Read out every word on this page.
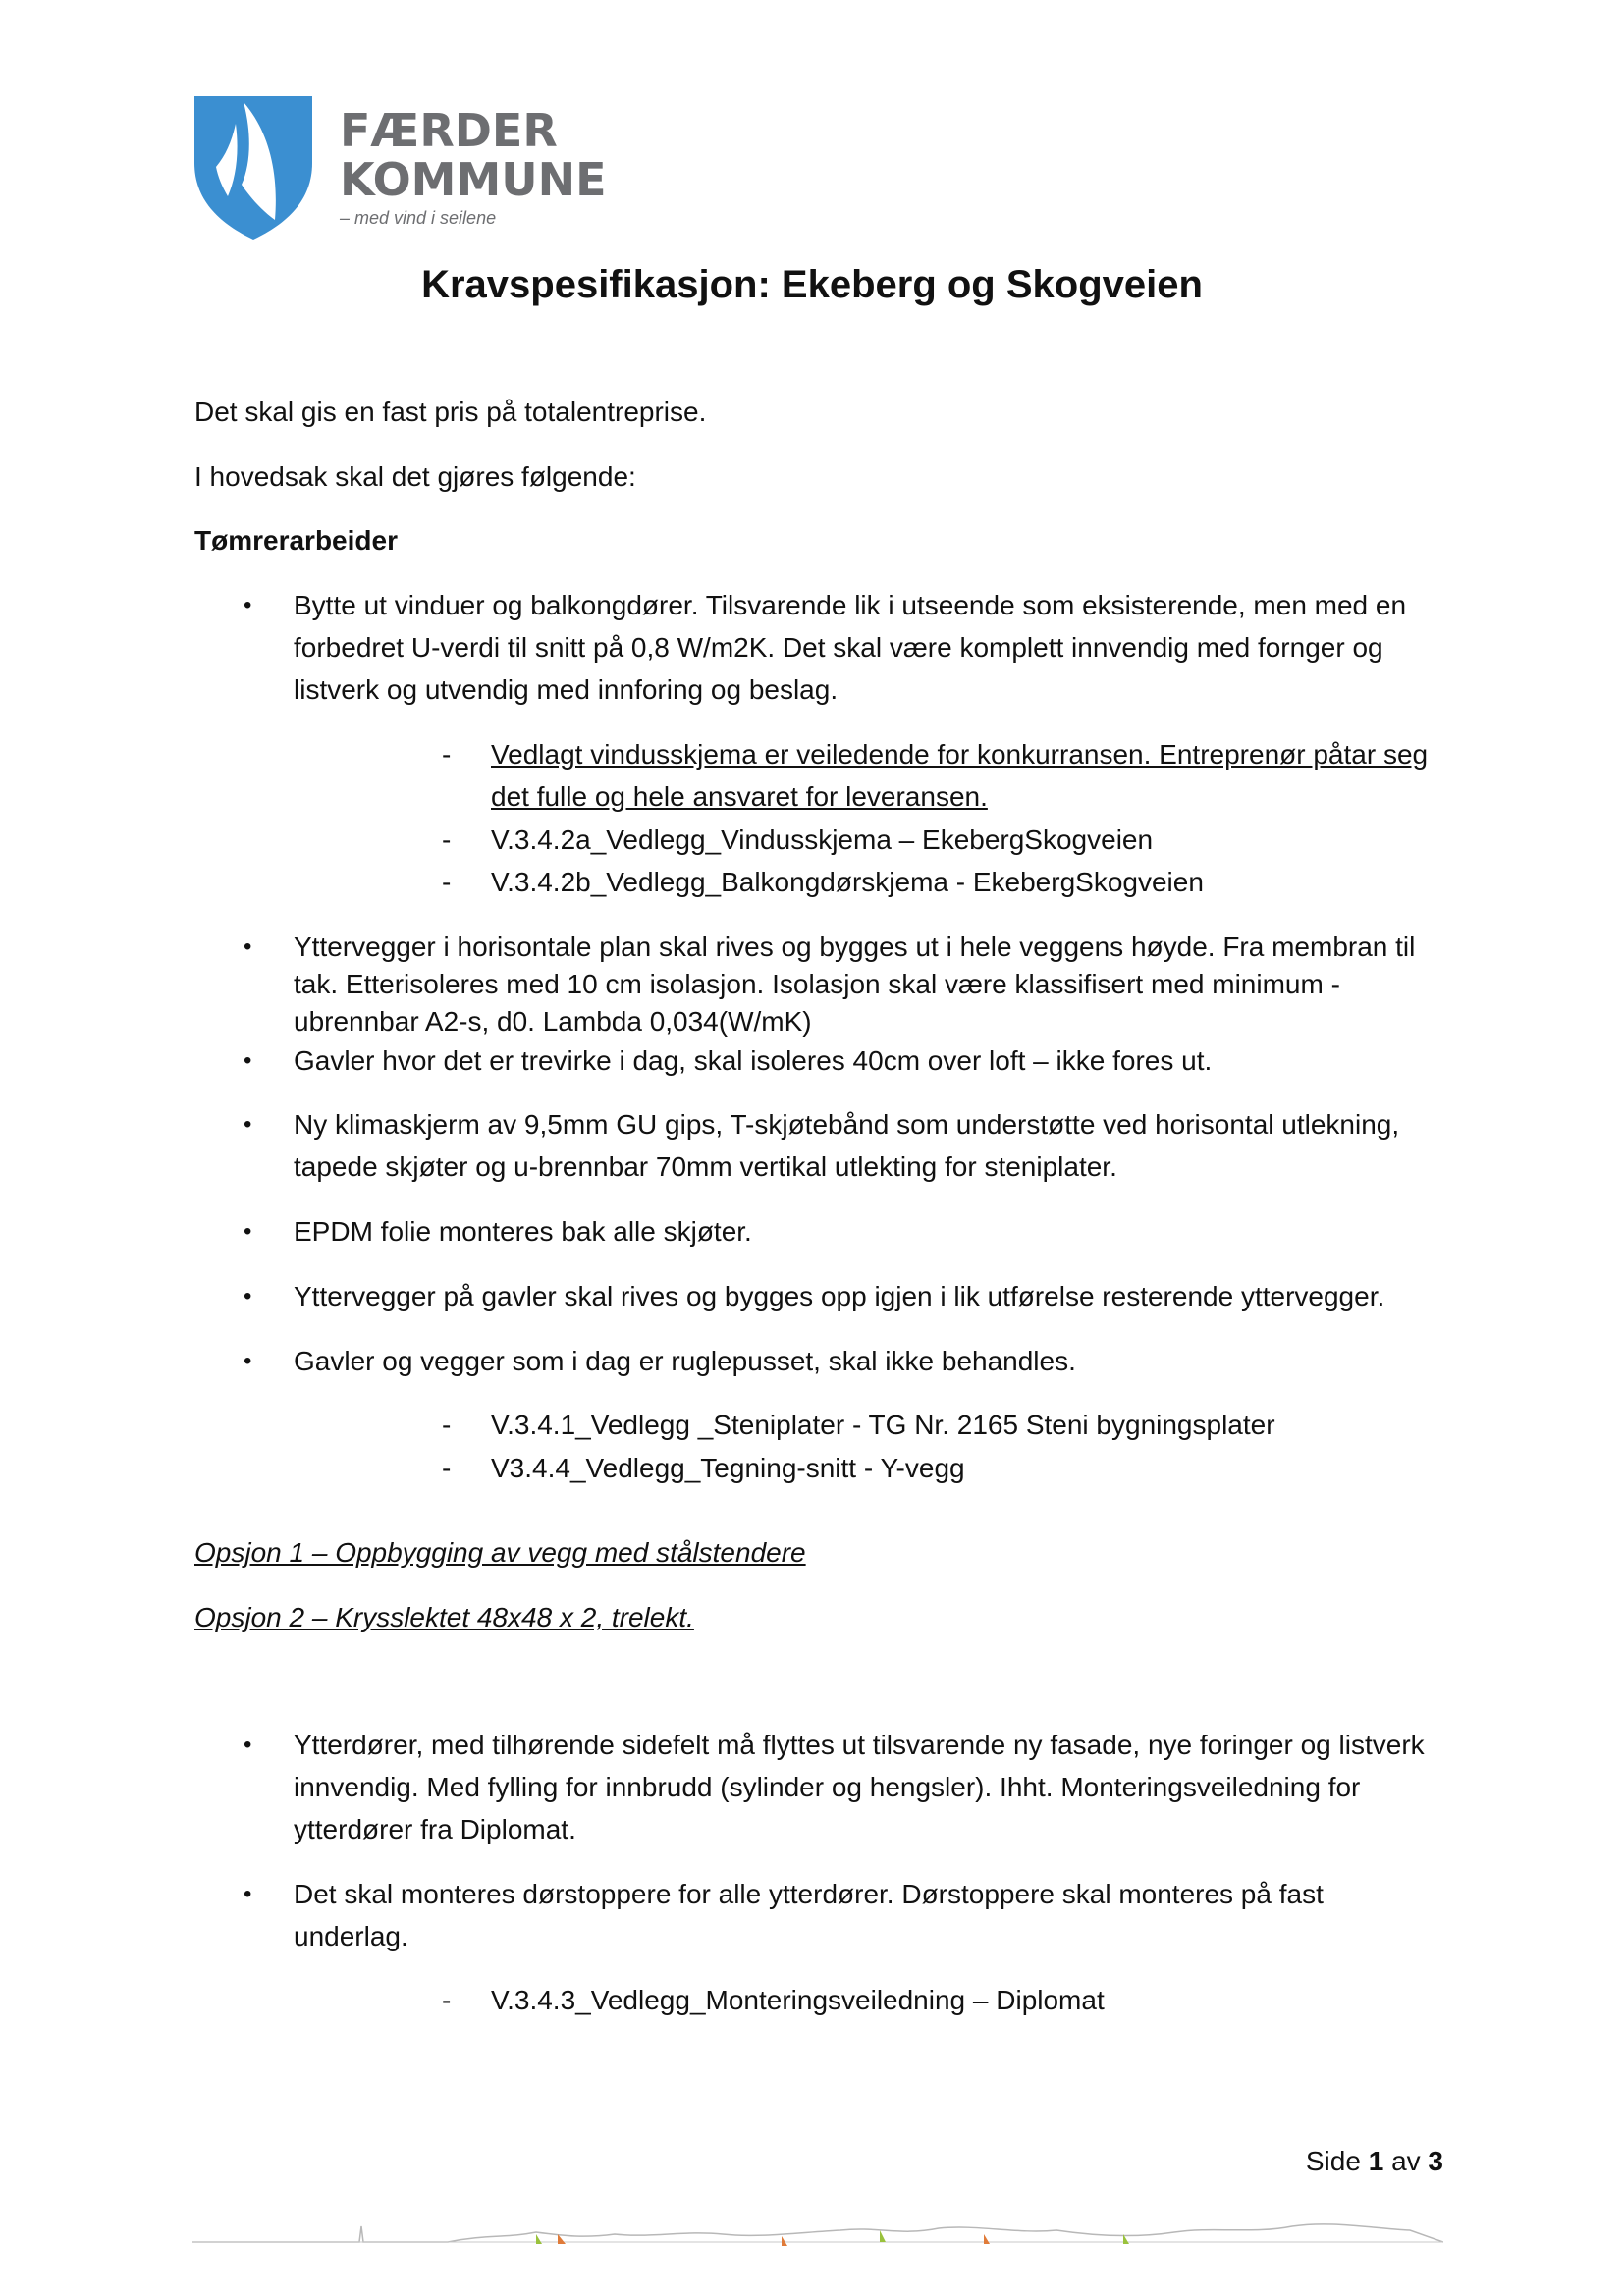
FÆRDER
KOMMUNE
– med vind i seilene
Kravspesifikasjon: Ekeberg og Skogveien
Det skal gis en fast pris på totalentreprise.
I hovedsak skal det gjøres følgende:
Tømrerarbeider
• Bytte ut vinduer og balkongdører. Tilsvarende lik i utseende som eksisterende, men med en forbedret U-verdi til snitt på 0,8 W/m2K. Det skal være komplett innvendig med fornger og listverk og utvendig med innforing og beslag.
- Vedlagt vindusskjema er veiledende for konkurransen. Entreprenør påtar seg det fulle og hele ansvaret for leveransen.
- V.3.4.2a_Vedlegg_Vindusskjema – EkebergSkogveien
- V.3.4.2b_Vedlegg_Balkongdørskjema - EkebergSkogveien
• Yttervegger i horisontale plan skal rives og bygges ut i hele veggens høyde. Fra membran til tak. Etterisoleres med 10 cm isolasjon. Isolasjon skal være klassifisert med minimum - ubrennbar A2-s, d0. Lambda 0,034(W/mK)
• Gavler hvor det er trevirke i dag, skal isoleres 40cm over loft – ikke fores ut.
• Ny klimaskjerm av 9,5mm GU gips, T-skjøtebånd som understøtte ved horisontal utlekning, tapede skjøter og u-brennbar 70mm vertikal utlekting for steniplater.
• EPDM folie monteres bak alle skjøter.
• Yttervegger på gavler skal rives og bygges opp igjen i lik utførelse resterende yttervegger.
• Gavler og vegger som i dag er ruglepusset, skal ikke behandles.
- V.3.4.1_Vedlegg _Steniplater - TG Nr. 2165 Steni bygningsplater
- V3.4.4_Vedlegg_Tegning-snitt - Y-vegg
Opsjon 1 – Oppbygging av vegg med stålstendere
Opsjon 2 – Krysslektet 48x48 x 2, trelekt.
• Ytterdører, med tilhørende sidefelt må flyttes ut tilsvarende ny fasade, nye foringer og listverk innvendig. Med fylling for innbrudd (sylinder og hengsler). Ihht. Monteringsveiledning for ytterdører fra Diplomat.
• Det skal monteres dørstoppere for alle ytterdører. Dørstoppere skal monteres på fast underlag.
- V.3.4.3_Vedlegg_Monteringsveiledning – Diplomat
Side 1 av 3
